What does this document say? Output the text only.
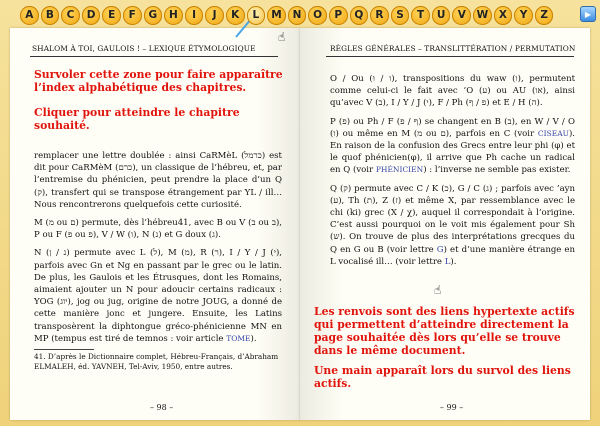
A	B	C	D	E	F	G	H	I	J	K	L	M	N	O	P	Q	R	S	T	U	V	W	X	Y	Z	▶
SHALOM À TOI, GAULOIS ! – LEXIQUE ÉTYMOLOGIQUE
Survoler cette zone pour faire apparaître l’index alphabétique des chapitres.
Cliquer pour atteindre le chapitre souhaité.

remplacer une lettre doublée : ainsi CaRMèL (כרמל) est dit pour CaRMèM (כרם), un classique de l’hébreu, et, par l’entremise du phénicien, peut prendre la place d’un Q (ק), transfert qui se transpose étrangement par YL / ill… Nous rencontrerons quelquefois cette curiosité.

M (מ ou ם) permute, dès l’hébreu41, avec B ou V (ב ou ב), P ou F (פ ou פ), V / W (ו), N (נ) et G doux (ג).

N (נ / ן) permute avec L (ל), M (מ), R (ר), I / Y / J (י), parfois avec Gn et Ng en passant par le grec ou le latin. De plus, les Gaulois et les Étrusques, dont les Romains, aimaient ajouter un N pour adoucir certains radicaux : YOG (יוג), jog ou jug, origine de notre JOUG, a donné de cette manière jonc et jungere. Ensuite, les Latins transposèrent la diphtongue gréco-phénicienne MN en MP (tempus est tiré de temnos : voir article TOME).

41. D’après le Dictionnaire complet, Hébreu-Français, d’Abraham ELMALEH, éd. YAVNEH, Tel-Aviv, 1950, entre autres.
– 98 –
RÈGLES GÉNÉRALES – TRANSLITTÉRATION / PERMUTATION

O / Ou (ו / וּ), transpositions du waw (ו), permutent comme celui-ci le fait avec ’O (ע) ou AU (או), ainsi qu’avec V (ב), I / Y / J (י), F / Ph (פ / ף) et E / H (ה).

P (פ) ou Ph / F (ף / פ) se changent en B (ב), en W / V / O (ו) ou même en M (מ ou ם), parfois en C (voir CISEAU). En raison de la confusion des Grecs entre leur phi (φ) et le quof phénicien(φ), il arrive que Ph cache un radical en Q (voir PHÉNICIEN) : l’inverse ne semble pas exister.

Q (ק) permute avec C / K (כ), G / C (ג) ; parfois avec ’ayn (ע), Th (ת), Z (ז) et même X, par ressemblance avec le chi (ki) grec (X / χ), auquel il correspondait à l’origine. C’est aussi pourquoi on le voit mis également pour Sh (ש). On trouve de plus des interprétations grecques du Q en G ou B (voir lettre G) et d’une manière étrange en L vocalisé ill… (voir lettre L).

Les renvois sont des liens hypertexte actifs qui permettent d’atteindre directement la page souhaitée dès lors qu’elle se trouve dans le même document.

Une main apparaît lors du survol des liens actifs.

– 99 –
☝
☝
